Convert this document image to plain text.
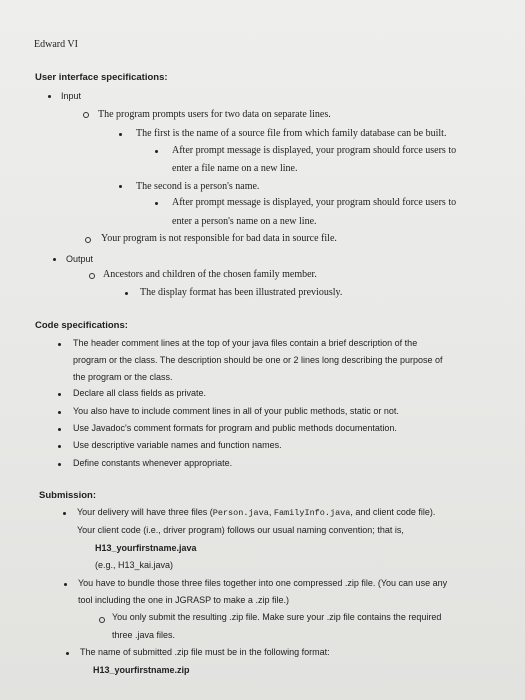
Edward VI
User interface specifications:
Input
The program prompts users for two data on separate lines.
The first is the name of a source file from which family database can be built.
After prompt message is displayed, your program should force users to
enter a file name on a new line.
The second is a person's name.
After prompt message is displayed, your program should force users to
enter a person's name on a new line.
Your program is not responsible for bad data in source file.
Output
Ancestors and children of the chosen family member.
The display format has been illustrated previously.
Code specifications:
The header comment lines at the top of your java files contain a brief description of the
program or the class. The description should be one or 2 lines long describing the purpose of
the program or the class.
Declare all class fields as private.
You also have to include comment lines in all of your public methods, static or not.
Use Javadoc's comment formats for program and public methods documentation.
Use descriptive variable names and function names.
Define constants whenever appropriate.
Submission:
Your delivery will have three files (Person.java, FamilyInfo.java, and client code file).
Your client code (i.e., driver program) follows our usual naming convention; that is,
H13_yourfirstname.java
(e.g., H13_kai.java)
You have to bundle those three files together into one compressed .zip file. (You can use any
tool including the one in JGRASP to make a .zip file.)
You only submit the resulting .zip file. Make sure your .zip file contains the required
three .java files.
The name of submitted .zip file must be in the following format:
H13_yourfirstname.zip
